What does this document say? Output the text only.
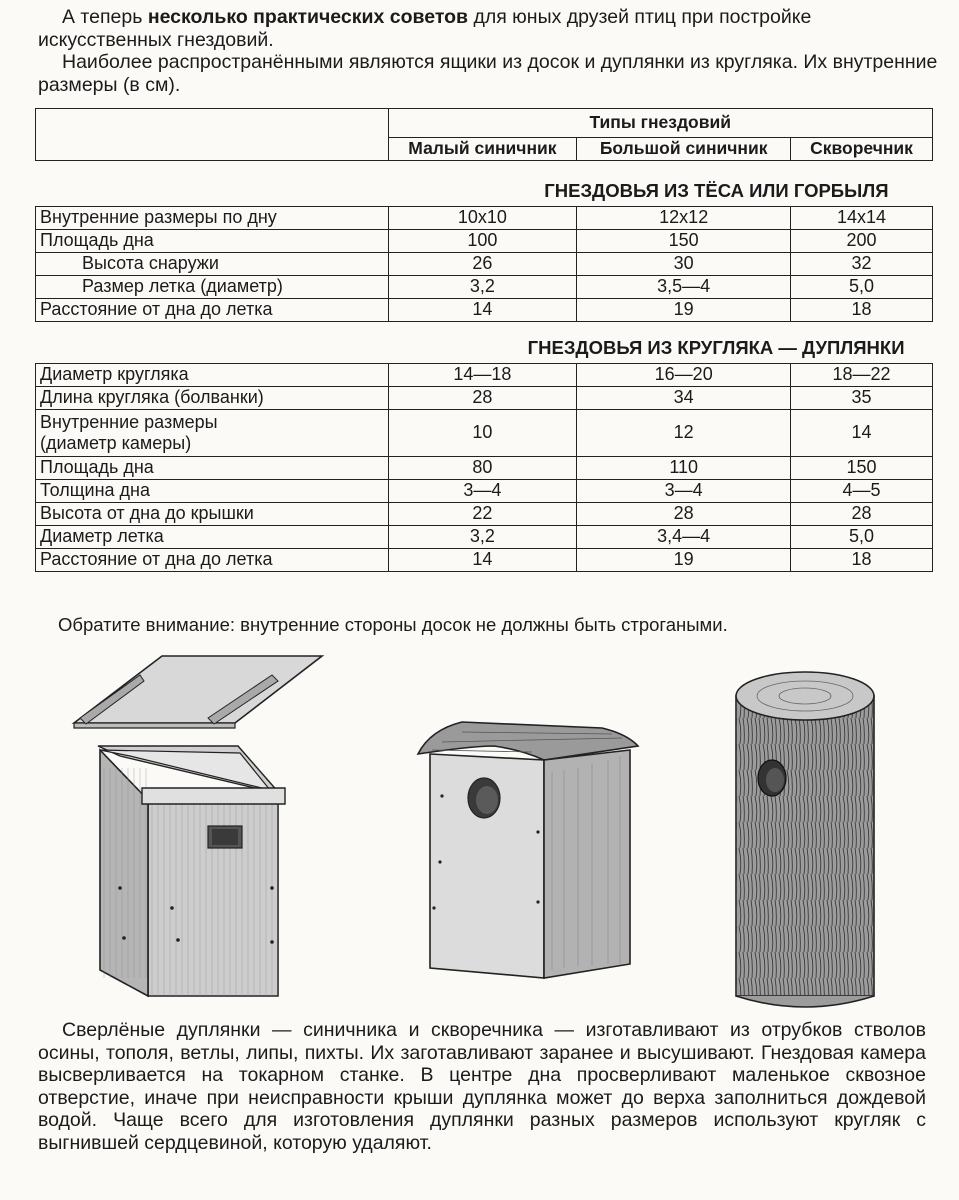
А теперь несколько практических советов для юных друзей птиц при постройке искусственных гнездовий.

Наиболее распространёнными являются ящики из досок и дуплянки из кругляка. Их внутренние размеры (в см).

	Типы гнездовий		
	Малый синичник	Большой синичник	Скворечник
ГНЕЗДОВЬЯ ИЗ ТЁСА ИЛИ ГОРБЫЛЯ			
Внутренние размеры по дну	10х10	12х12	14х14
Площадь дна	100	150	200
Высота снаружи	26	30	32
Размер летка (диаметр)	3,2	3,5—4	5,0
Расстояние от дна до летка	14	19	18
ГНЕЗДОВЬЯ ИЗ КРУГЛЯКА — ДУПЛЯНКИ			
Диаметр кругляка	14—18	16—20	18—22
Длина кругляка (болванки)	28	34	35
Внутренние размеры
(диаметр камеры)	10	12	14
Площадь дна	80	110	150
Толщина дна	3—4	3—4	4—5
Высота от дна до крышки	22	28	28
Диаметр летка	3,2	3,4—4	5,0
Расстояние от дна до летка	14	19	18
Обратите внимание: внутренние стороны досок не должны быть строгаными.

Сверлёные дуплянки — синичника и скворечника — изготавливают из отрубков стволов осины, тополя, ветлы, липы, пихты. Их заготавливают заранее и высушивают. Гнездовая камера высверливается на токарном станке. В центре дна просверливают маленькое сквозное отверстие, иначе при неисправности крыши дуплянка может до верха заполниться дождевой водой. Чаще всего для изготовления дуплянки разных размеров используют кругляк с выгнившей сердцевиной, которую удаляют.
